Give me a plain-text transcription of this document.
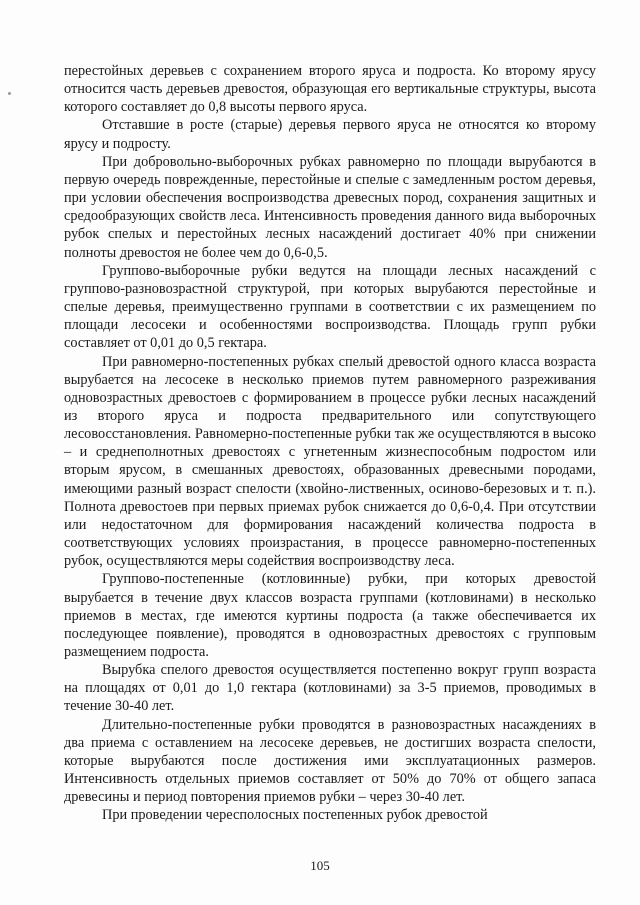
перестойных деревьев с сохранением второго яруса и подроста. Ко второму ярусу относится часть деревьев древостоя, образующая его вертикальные структуры, высота которого составляет до 0,8 высоты первого яруса.

Отставшие в росте (старые) деревья первого яруса не относятся ко второму ярусу и подросту.

При добровольно-выборочных рубках равномерно по площади вырубаются в первую очередь поврежденные, перестойные и спелые с замедленным ростом деревья, при условии обеспечения воспроизводства древесных пород, сохранения защитных и средообразующих свойств леса. Интенсивность проведения данного вида выборочных рубок спелых и перестойных лесных насаждений достигает 40% при снижении полноты древостоя не более чем до 0,6-0,5.

Группово-выборочные рубки ведутся на площади лесных насаждений с группово-разновозрастной структурой, при которых вырубаются перестойные и спелые деревья, преимущественно группами в соответствии с их размещением по площади лесосеки и особенностями воспроизводства. Площадь групп рубки составляет от 0,01 до 0,5 гектара.

При равномерно-постепенных рубках спелый древостой одного класса возраста вырубается на лесосеке в несколько приемов путем равномерного разреживания одновозрастных древостоев с формированием в процессе рубки лесных насаждений из второго яруса и подроста предварительного или сопутствующего лесовосстановления. Равномерно-постепенные рубки так же осуществляются в высоко – и среднеполнотных древостоях с угнетенным жизнеспособным подростом или вторым ярусом, в смешанных древостоях, образованных древесными породами, имеющими разный возраст спелости (хвойно-лиственных, осиново-березовых и т. п.). Полнота древостоев при первых приемах рубок снижается до 0,6-0,4. При отсутствии или недостаточном для формирования насаждений количества подроста в соответствующих условиях произрастания, в процессе равномерно-постепенных рубок, осуществляются меры содействия воспроизводству леса.

Группово-постепенные (котловинные) рубки, при которых древостой вырубается в течение двух классов возраста группами (котловинами) в несколько приемов в местах, где имеются куртины подроста (а также обеспечивается их последующее появление), проводятся в одновозрастных древостоях с групповым размещением подроста.

Вырубка спелого древостоя осуществляется постепенно вокруг групп возраста на площадях от 0,01 до 1,0 гектара (котловинами) за 3-5 приемов, проводимых в течение 30-40 лет.

Длительно-постепенные рубки проводятся в разновозрастных насаждениях в два приема с оставлением на лесосеке деревьев, не достигших возраста спелости, которые вырубаются после достижения ими эксплуатационных размеров. Интенсивность отдельных приемов составляет от 50% до 70% от общего запаса древесины и период повторения приемов рубки – через 30-40 лет.

При проведении чересполосных постепенных рубок древостой

105
